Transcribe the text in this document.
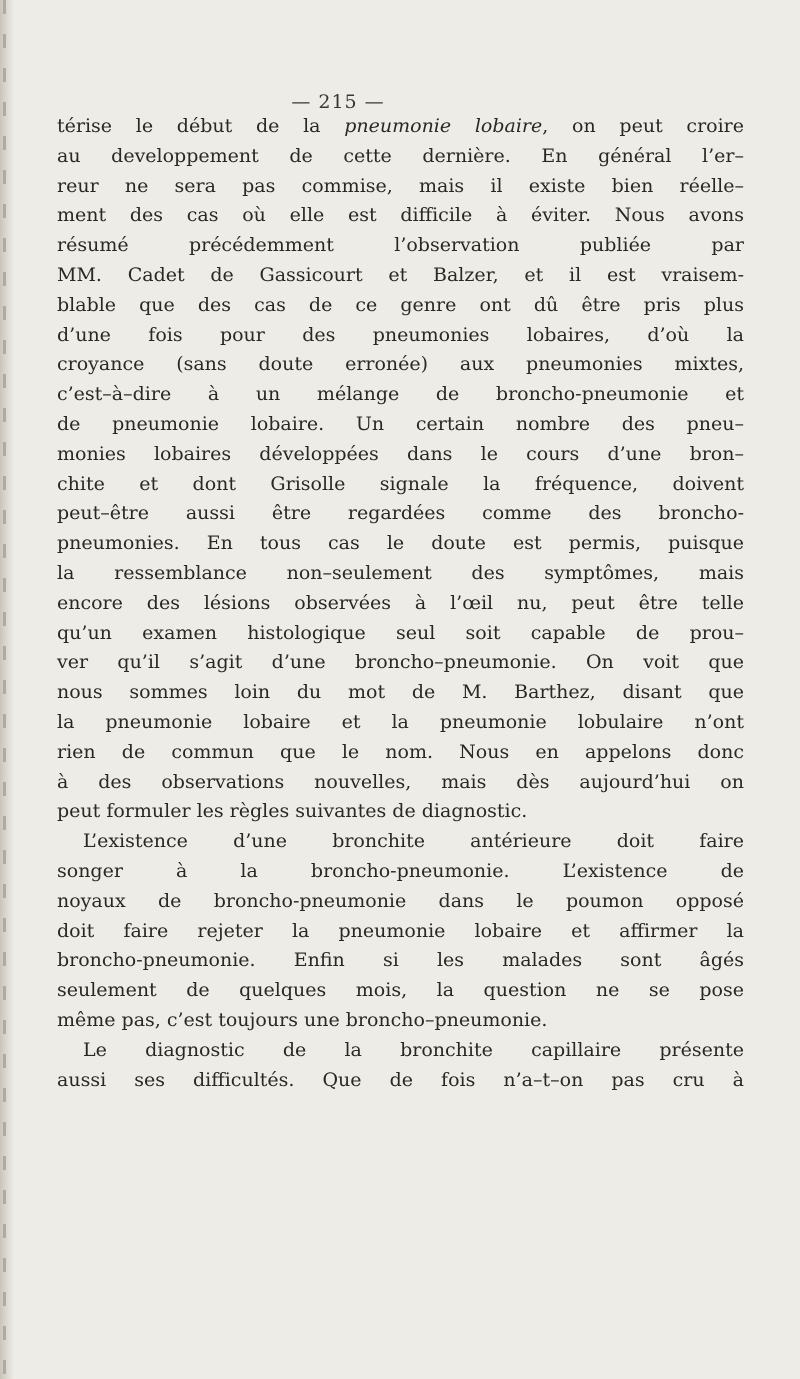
— 215 —
térise le début de la pneumonie lobaire, on peut croire
au developpement de cette dernière. En général l’er–
reur ne sera pas commise, mais il existe bien réelle–
ment des cas où elle est difficile à éviter. Nous avons
résumé précédemment l’observation publiée par
MM. Cadet de Gassicourt et Balzer, et il est vraisem-
blable que des cas de ce genre ont dû être pris plus
d’une fois pour des pneumonies lobaires, d’où la
croyance (sans doute erronée) aux pneumonies mixtes,
c’est–à–dire à un mélange de broncho-pneumonie et
de pneumonie lobaire. Un certain nombre des pneu–
monies lobaires développées dans le cours d’une bron–
chite et dont Grisolle signale la fréquence, doivent
peut–être aussi être regardées comme des broncho-
pneumonies. En tous cas le doute est permis, puisque
la ressemblance non–seulement des symptômes, mais
encore des lésions observées à l’œil nu, peut être telle
qu’un examen histologique seul soit capable de prou–
ver qu’il s’agit d’une broncho–pneumonie. On voit que
nous sommes loin du mot de M. Barthez, disant que
la pneumonie lobaire et la pneumonie lobulaire n’ont
rien de commun que le nom. Nous en appelons donc
à des observations nouvelles, mais dès aujourd’hui on
peut formuler les règles suivantes de diagnostic.
L’existence d’une bronchite antérieure doit faire
songer à la broncho-pneumonie. L’existence de
noyaux de broncho-pneumonie dans le poumon opposé
doit faire rejeter la pneumonie lobaire et affirmer la
broncho-pneumonie. Enfin si les malades sont âgés
seulement de quelques mois, la question ne se pose
même pas, c’est toujours une broncho–pneumonie.
Le diagnostic de la bronchite capillaire présente
aussi ses difficultés. Que de fois n’a–t–on pas cru à
